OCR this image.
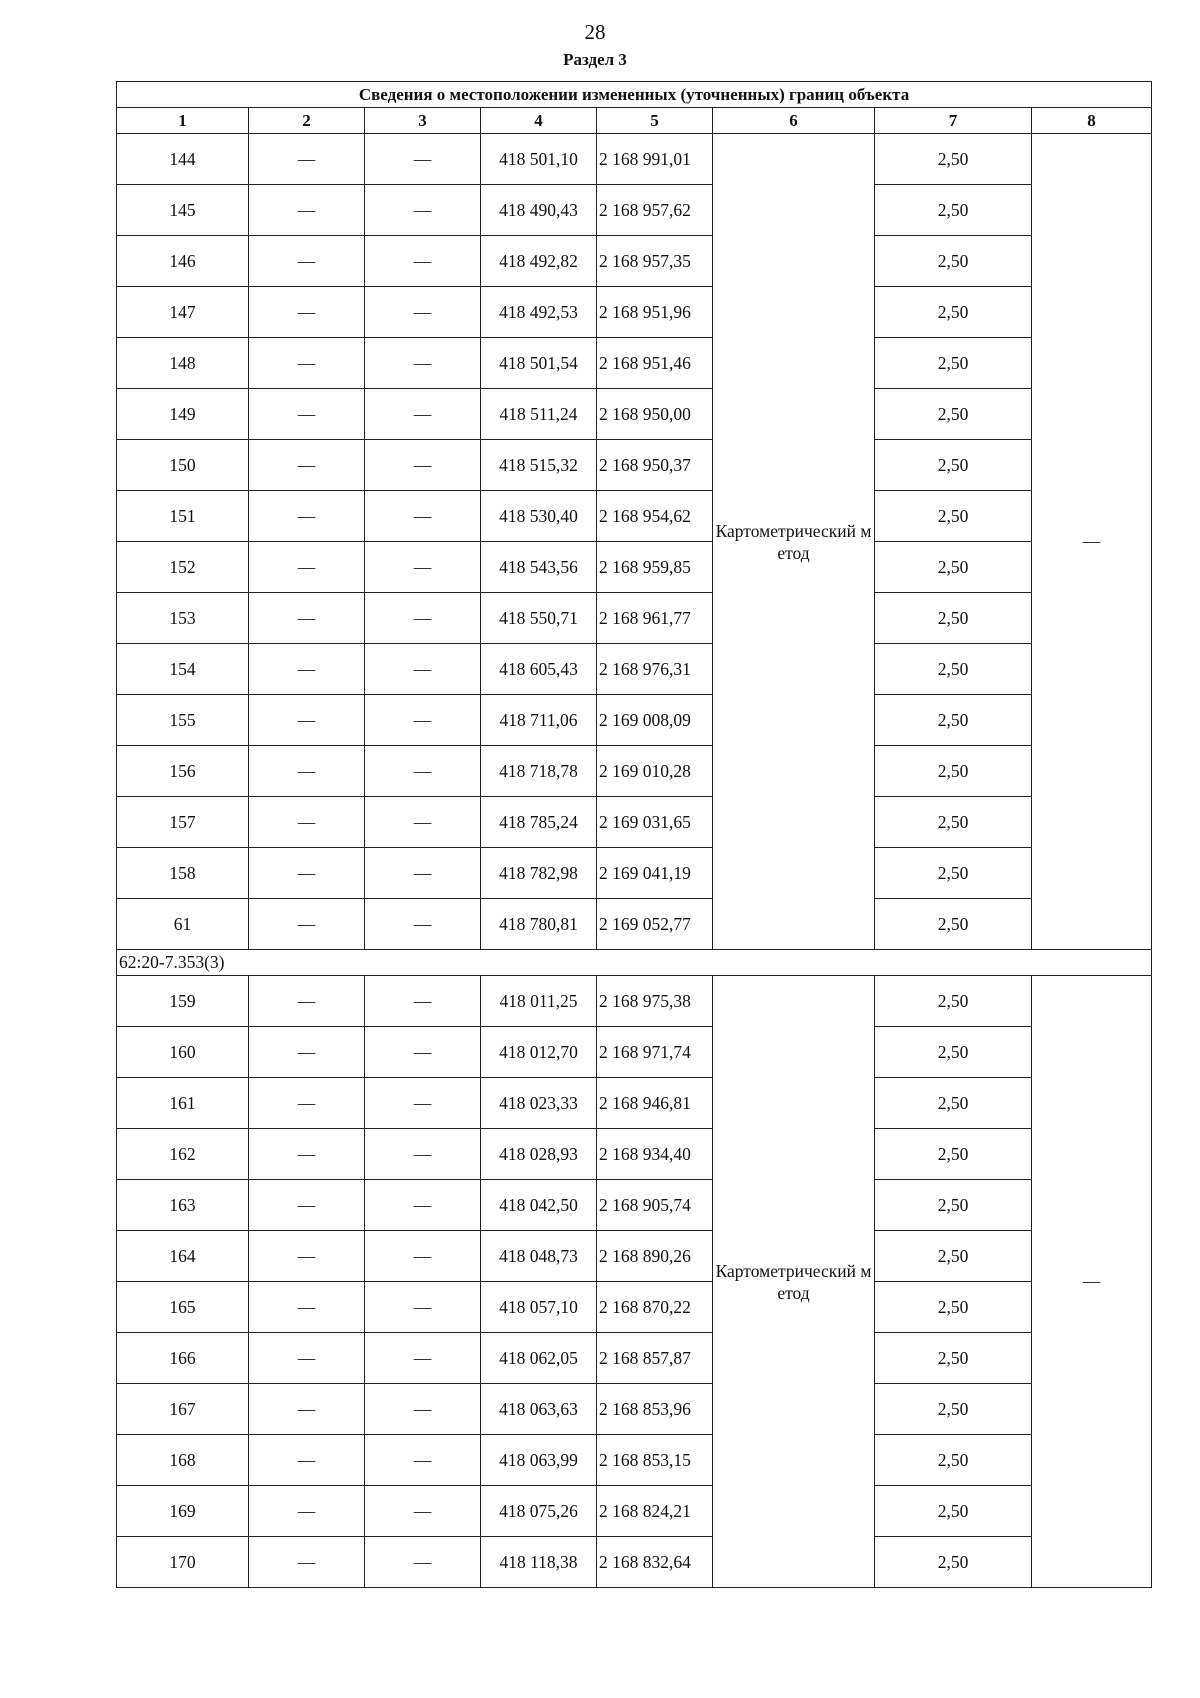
28
Раздел 3
Сведения о местоположении измененных (уточненных) границ объекта							
1	2	3	4	5	6	7	8
144	—	—	418 501,10	2 168 991,01	Картометрический метод	2,50	—
145	—	—	418 490,43	2 168 957,62		2,50	
146	—	—	418 492,82	2 168 957,35		2,50	
147	—	—	418 492,53	2 168 951,96		2,50	
148	—	—	418 501,54	2 168 951,46		2,50	
149	—	—	418 511,24	2 168 950,00		2,50	
150	—	—	418 515,32	2 168 950,37		2,50	
151	—	—	418 530,40	2 168 954,62		2,50	
152	—	—	418 543,56	2 168 959,85		2,50	
153	—	—	418 550,71	2 168 961,77		2,50	
154	—	—	418 605,43	2 168 976,31		2,50	
155	—	—	418 711,06	2 169 008,09		2,50	
156	—	—	418 718,78	2 169 010,28		2,50	
157	—	—	418 785,24	2 169 031,65		2,50	
158	—	—	418 782,98	2 169 041,19		2,50	
61	—	—	418 780,81	2 169 052,77		2,50	
62:20-7.353(3)							
159	—	—	418 011,25	2 168 975,38	Картометрический метод	2,50	—
160	—	—	418 012,70	2 168 971,74		2,50	
161	—	—	418 023,33	2 168 946,81		2,50	
162	—	—	418 028,93	2 168 934,40		2,50	
163	—	—	418 042,50	2 168 905,74		2,50	
164	—	—	418 048,73	2 168 890,26		2,50	
165	—	—	418 057,10	2 168 870,22		2,50	
166	—	—	418 062,05	2 168 857,87		2,50	
167	—	—	418 063,63	2 168 853,96		2,50	
168	—	—	418 063,99	2 168 853,15		2,50	
169	—	—	418 075,26	2 168 824,21		2,50	
170	—	—	418 118,38	2 168 832,64		2,50	
